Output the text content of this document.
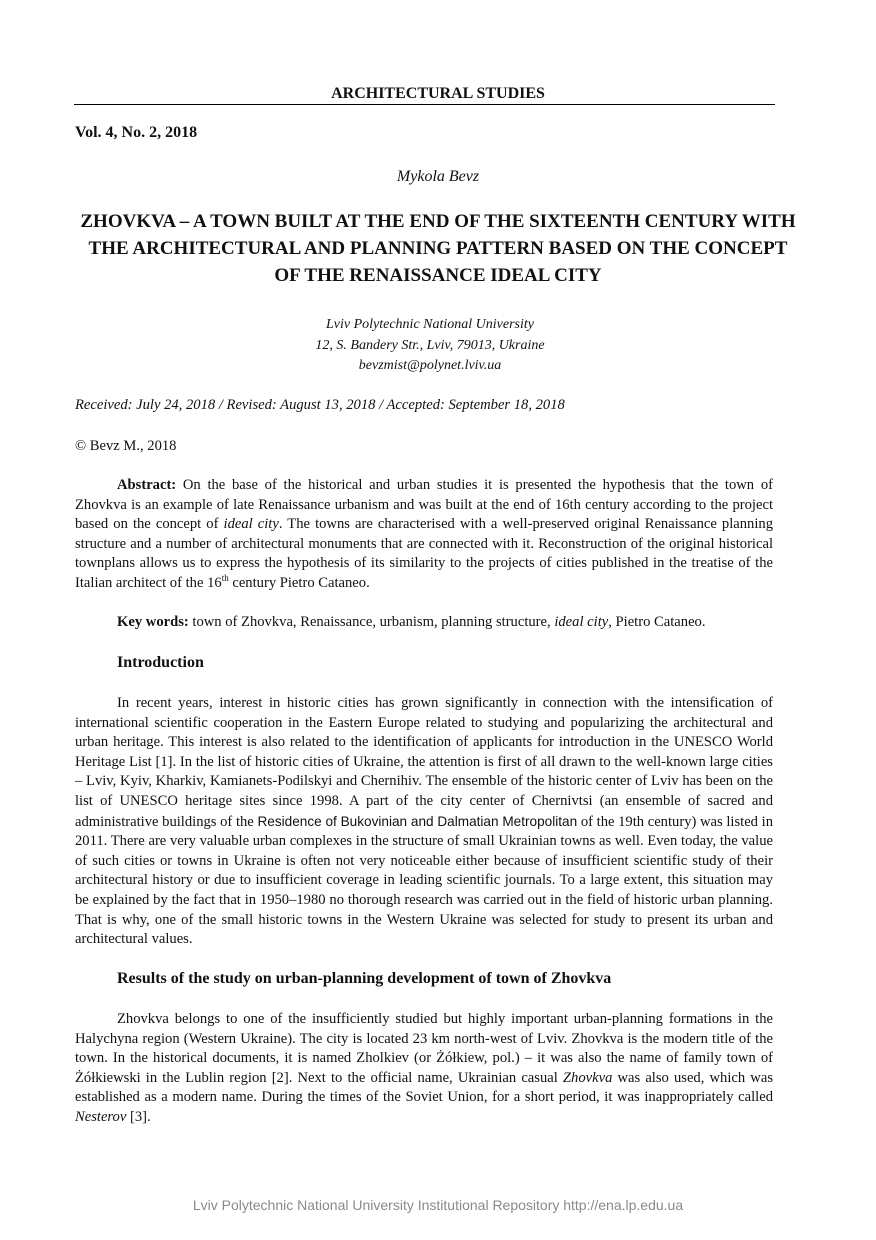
ARCHITECTURAL STUDIES
Vol. 4, No. 2, 2018
Mykola Bevz
ZHOVKVA – A TOWN BUILT AT THE END OF THE SIXTEENTH CENTURY WITH THE ARCHITECTURAL AND PLANNING PATTERN BASED ON THE CONCEPT OF THE RENAISSANCE IDEAL CITY
Lviv Polytechnic National University
12, S. Bandery Str., Lviv, 79013, Ukraine
bevzmist@polynet.lviv.ua
Received: July 24, 2018 / Revised: August 13, 2018 / Accepted: September 18, 2018
© Bevz M., 2018
Abstract: On the base of the historical and urban studies it is presented the hypothesis that the town of Zhovkva is an example of late Renaissance urbanism and was built at the end of 16th century according to the project based on the concept of ideal city. The towns are characterised with a well-preserved original Renaissance planning structure and a number of architectural monuments that are connected with it. Reconstruction of the original historical townplans allows us to express the hypothesis of its similarity to the projects of cities published in the treatise of the Italian architect of the 16th century Pietro Cataneo.
Key words: town of Zhovkva, Renaissance, urbanism, planning structure, ideal city, Pietro Cataneo.
Introduction
In recent years, interest in historic cities has grown significantly in connection with the intensification of international scientific cooperation in the Eastern Europe related to studying and popularizing the architectural and urban heritage. This interest is also related to the identification of applicants for introduction in the UNESCO World Heritage List [1]. In the list of historic cities of Ukraine, the attention is first of all drawn to the well-known large cities – Lviv, Kyiv, Kharkiv, Kamianets-Podilskyi and Chernihiv. The ensemble of the historic center of Lviv has been on the list of UNESCO heritage sites since 1998. A part of the city center of Chernivtsi (an ensemble of sacred and administrative buildings of the Residence of Bukovinian and Dalmatian Metropolitan of the 19th century) was listed in 2011. There are very valuable urban complexes in the structure of small Ukrainian towns as well. Even today, the value of such cities or towns in Ukraine is often not very noticeable either because of insufficient scientific study of their architectural history or due to insufficient coverage in leading scientific journals. To a large extent, this situation may be explained by the fact that in 1950–1980 no thorough research was carried out in the field of historic urban planning. That is why, one of the small historic towns in the Western Ukraine was selected for study to present its urban and architectural values.
Results of the study on urban-planning development of town of Zhovkva
Zhovkva belongs to one of the insufficiently studied but highly important urban-planning formations in the Halychyna region (Western Ukraine). The city is located 23 km north-west of Lviv. Zhovkva is the modern title of the town. In the historical documents, it is named Zholkiev (or Żółkiew, pol.) – it was also the name of family town of Żółkiewski in the Lublin region [2]. Next to the official name, Ukrainian casual Zhovkva was also used, which was established as a modern name. During the times of the Soviet Union, for a short period, it was inappropriately called Nesterov [3].
Lviv Polytechnic National University Institutional Repository http://ena.lp.edu.ua
